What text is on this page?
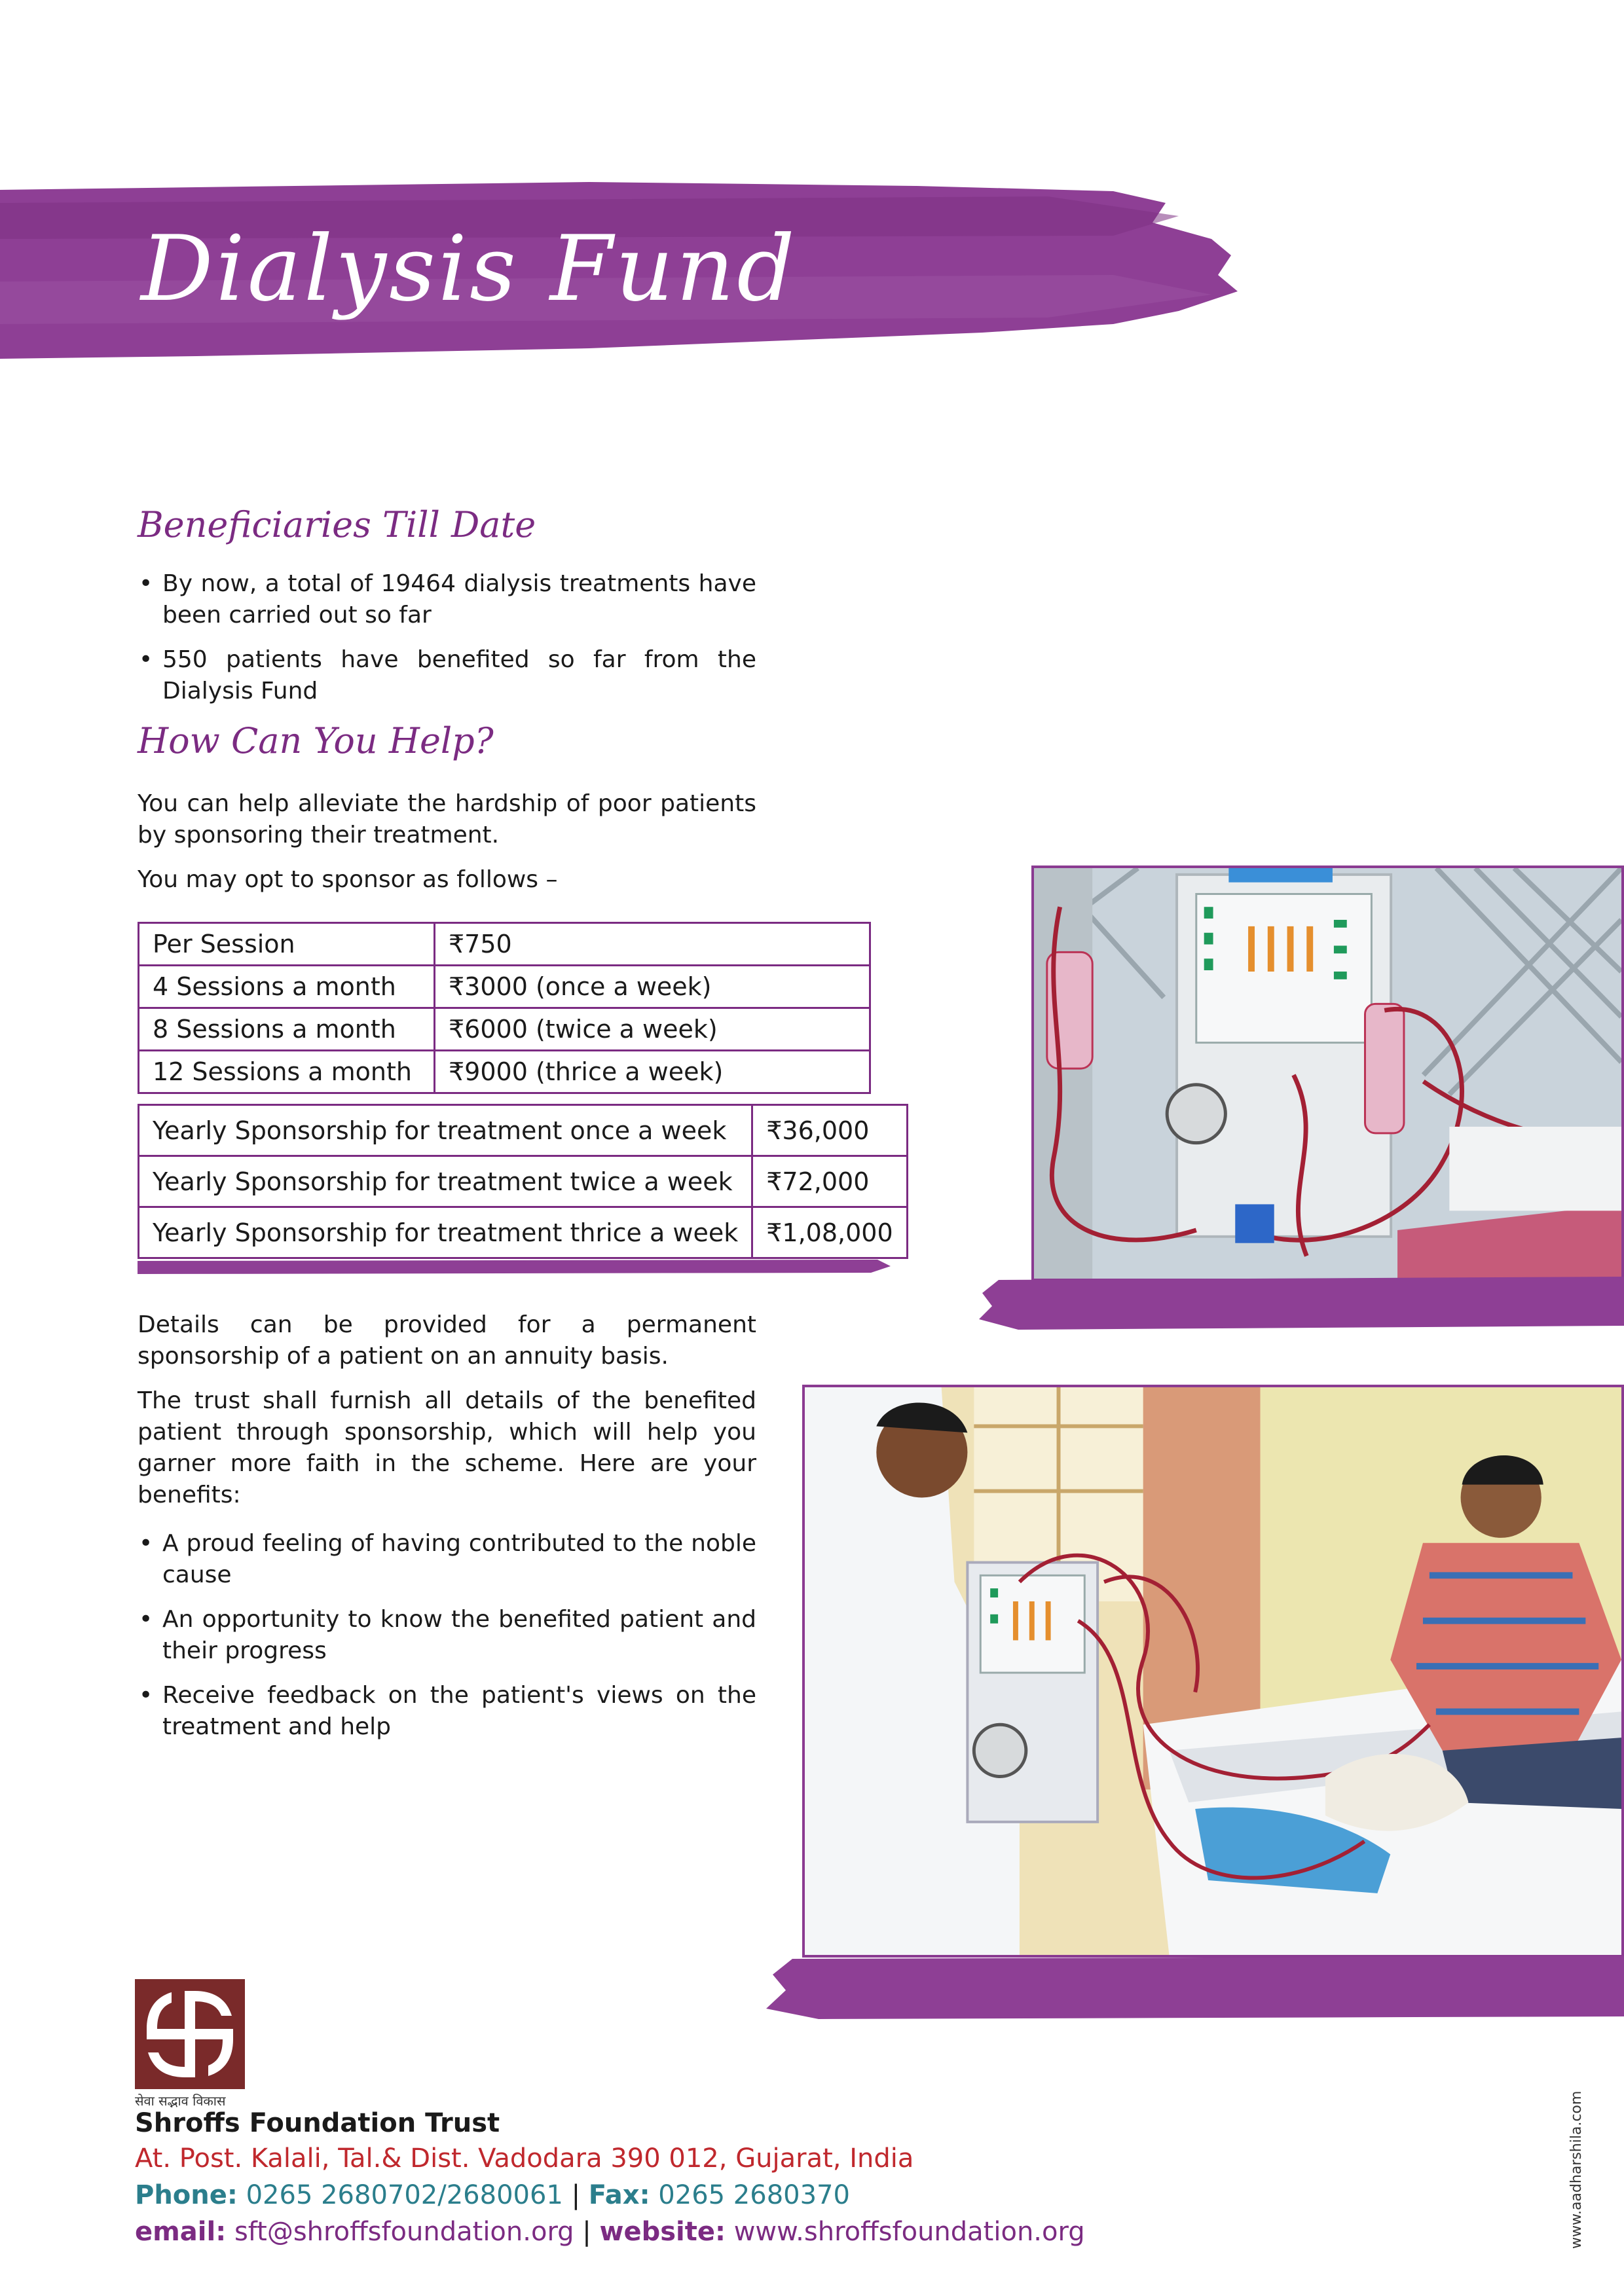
Dialysis Fund
Beneficiaries Till Date
• By now, a total of 19464 dialysis treatments have been carried out so far
• 550 patients have benefited so far from the Dialysis Fund
How Can You Help?
You can help alleviate the hardship of poor patients by sponsoring their treatment.
You may opt to sponsor as follows –
Per Session	₹750
4 Sessions a month	₹3000 (once a week)
8 Sessions a month	₹6000 (twice a week)
12 Sessions a month	₹9000 (thrice a week)
Yearly Sponsorship for treatment once a week	₹36,000
Yearly Sponsorship for treatment twice a week	₹72,000
Yearly Sponsorship for treatment thrice a week	₹1,08,000
Details can be provided for a permanent sponsorship of a patient on an annuity basis.
The trust shall furnish all details of the benefited patient through sponsorship, which will help you garner more faith in the scheme. Here are your benefits:
• A proud feeling of having contributed to the noble cause
• An opportunity to know the benefited patient and their progress
• Receive feedback on the patient's views on the treatment and help
सेवा सद्भाव विकास
Shroffs Foundation Trust
At. Post. Kalali, Tal.& Dist. Vadodara 390 012, Gujarat, India
Phone: 0265 2680702/2680061 | Fax: 0265 2680370
email: sft@shroffsfoundation.org | website: www.shroffsfoundation.org	www.aadharshila.com
